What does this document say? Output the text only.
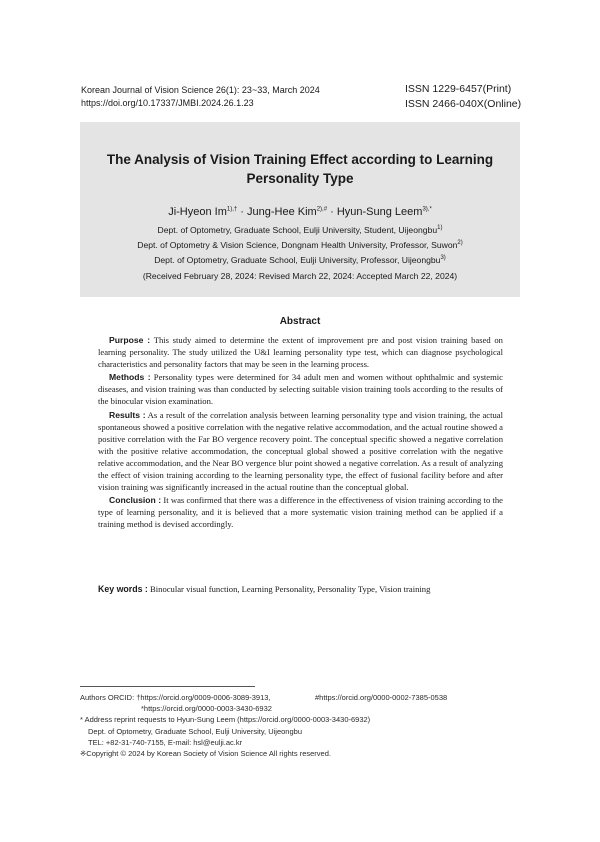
Korean Journal of Vision Science 26(1): 23~33, March 2024
https://doi.org/10.17337/JMBI.2024.26.1.23
ISSN 1229-6457(Print)
ISSN 2466-040X(Online)
The Analysis of Vision Training Effect according to Learning
Personality Type
Ji-Hyeon $Im^{1),\dagger}$ · Jung-Hee Kim$^{2),\#}$ · Hyun-Sung Leem$^{3),*}$
Dept. of Optometry, Graduate School, Eulji University, Student, Uijeongbu$^{1)}$
Dept. of Optometry & Vision Science, Dongnam Health University, Professor, Suwon$^{2)}$
Dept. of Optometry, Graduate School, Eulji University, Professor, Uijeongbu$^{3)}$
(Received February 28, 2024: Revised March 22, 2024: Accepted March 22, 2024)
Abstract

Purpose : This study aimed to determine the extent of improvement pre and post vision training based on learning personality. The study utilized the U&I learning personality type test, which can diagnose psychological characteristics and personality factors that may be seen in the learning process.

Methods : Personality types were determined for 34 adult men and women without ophthalmic and systemic diseases, and vision training was than conducted by selecting suitable vision training tools according to the results of the binocular vision examination.

Results : As a result of the correlation analysis between learning personality type and vision training, the actual spontaneous showed a positive correlation with the negative relative accommodation, and the actual routine showed a positive correlation with the Far BO vergence recovery point. The conceptual specific showed a negative correlation with the positive relative accommodation, the conceptual global showed a positive correlation with the negative relative accommodation, and the Near BO vergence blur point showed a negative correlation. As a result of analyzing the effect of vision training according to the learning personality type, the effect of fusional facility before and after vision training was significantly increased in the actual routine than the conceptual global.

Conclusion : It was confirmed that there was a difference in the effectiveness of vision training according to the type of learning personality, and it is believed that a more systematic vision training method can be applied if a training method is devised accordingly.

Key words : Binocular visual function, Learning Personality, Personality Type, Vision training
Authors ORCID: †https://orcid.org/0009-0006-3089-3913,	#https://orcid.org/0000-0002-7385-0538
*https://orcid.org/0000-0003-3430-6932
* Address reprint requests to Hyun-Sung Leem (https://orcid.org/0000-0003-3430-6932)
Dept. of Optometry, Graduate School, Eulji University, Uijeongbu
TEL: +82-31-740-7155, E-mail: hsl@eulji.ac.kr
※Copyright © 2024 by Korean Society of Vision Science All rights reserved.
